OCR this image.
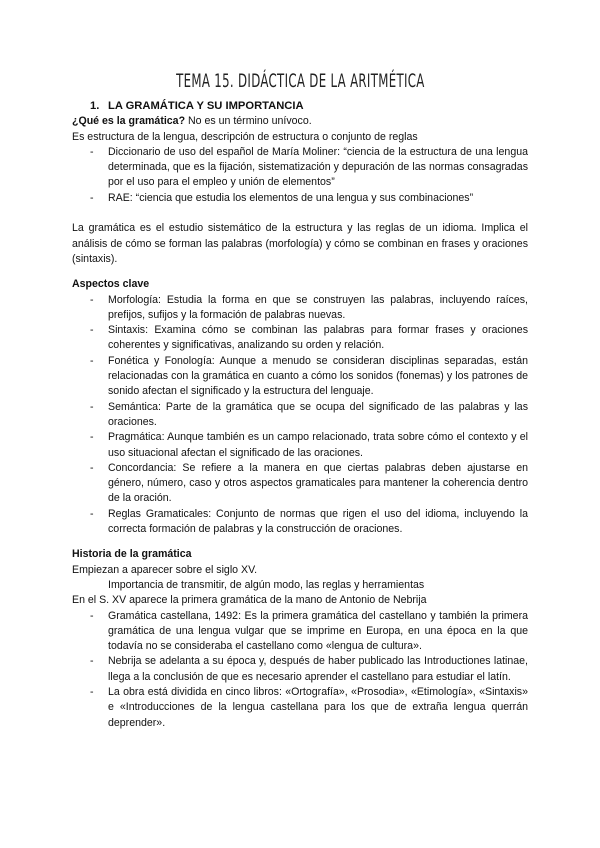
TEMA 15. DIDÁCTICA DE LA ARITMÉTICA
1. LA GRAMÁTICA Y SU IMPORTANCIA

¿Qué es la gramática? No es un término unívoco.

Es estructura de la lengua, descripción de estructura o conjunto de reglas

- Diccionario de uso del español de María Moliner: “ciencia de la estructura de una lengua determinada, que es la fijación, sistematización y depuración de las normas consagradas por el uso para el empleo y unión de elementos”
- RAE: “ciencia que estudia los elementos de una lengua y sus combinaciones”

La gramática es el estudio sistemático de la estructura y las reglas de un idioma. Implica el análisis de cómo se forman las palabras (morfología) y cómo se combinan en frases y oraciones (sintaxis).

Aspectos clave

- Morfología: Estudia la forma en que se construyen las palabras, incluyendo raíces, prefijos, sufijos y la formación de palabras nuevas.
- Sintaxis: Examina cómo se combinan las palabras para formar frases y oraciones coherentes y significativas, analizando su orden y relación.
- Fonética y Fonología: Aunque a menudo se consideran disciplinas separadas, están relacionadas con la gramática en cuanto a cómo los sonidos (fonemas) y los patrones de sonido afectan el significado y la estructura del lenguaje.
- Semántica: Parte de la gramática que se ocupa del significado de las palabras y las oraciones.
- Pragmática: Aunque también es un campo relacionado, trata sobre cómo el contexto y el uso situacional afectan el significado de las oraciones.
- Concordancia: Se refiere a la manera en que ciertas palabras deben ajustarse en género, número, caso y otros aspectos gramaticales para mantener la coherencia dentro de la oración.
- Reglas Gramaticales: Conjunto de normas que rigen el uso del idioma, incluyendo la correcta formación de palabras y la construcción de oraciones.

Historia de la gramática

Empiezan a aparecer sobre el siglo XV.

Importancia de transmitir, de algún modo, las reglas y herramientas

En el S. XV aparece la primera gramática de la mano de Antonio de Nebrija

- Gramática castellana, 1492: Es la primera gramática del castellano y también la primera gramática de una lengua vulgar que se imprime en Europa, en una época en la que todavía no se consideraba el castellano como «lengua de cultura».
- Nebrija se adelanta a su época y, después de haber publicado las Introductiones latinae, llega a la conclusión de que es necesario aprender el castellano para estudiar el latín.
- La obra está dividida en cinco libros: «Ortografía», «Prosodia», «Etimología», «Sintaxis» e «Introducciones de la lengua castellana para los que de extraña lengua querrán deprender».
